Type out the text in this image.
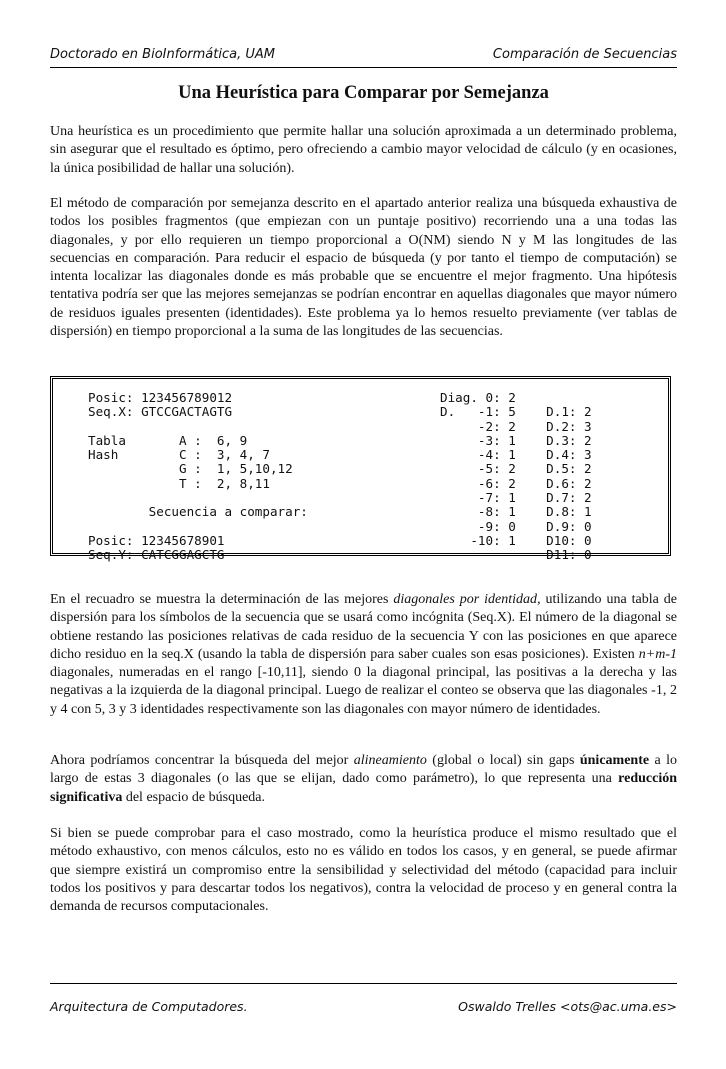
Doctorado en BioInformática, UAM	Comparación de Secuencias
Una Heurística para Comparar por Semejanza

Una heurística es un procedimiento que permite hallar una solución aproximada a un determinado problema, sin asegurar que el resultado es óptimo, pero ofreciendo a cambio mayor velocidad de cálculo (y en ocasiones, la única posibilidad de hallar una solución).

El método de comparación por semejanza descrito en el apartado anterior realiza una búsqueda exhaustiva de todos los posibles fragmentos (que empiezan con un puntaje positivo) recorriendo una a una todas las diagonales, y por ello requieren un tiempo proporcional a O(NM) siendo N y M las longitudes de las secuencias en comparación. Para reducir el espacio de búsqueda (y por tanto el tiempo de computación) se intenta localizar las diagonales donde es más probable que se encuentre el mejor fragmento. Una hipótesis tentativa podría ser que las mejores semejanzas se podrían encontrar en aquellas diagonales que mayor número de residuos iguales presenten (identidades). Este problema ya lo hemos resuelto previamente (ver tablas de dispersión) en tiempo proporcional a la suma de las longitudes de las secuencias.

Posic: 123456789012
Seq.X: GTCCGACTAGTG
Tabla       A :  6, 9
Hash        C :  3, 4, 7
G :  1, 5,10,12
T :  2, 8,11
Secuencia a comparar:
Posic: 12345678901
Seq.Y: CATCGGAGCTG
Diag. 0: 2
D.   -1: 5    D.1: 2
-2: 2    D.2: 3
-3: 1    D.3: 2
-4: 1    D.4: 3
-5: 2    D.5: 2
-6: 2    D.6: 2
-7: 1    D.7: 2
-8: 1    D.8: 1
-9: 0    D.9: 0
-10: 1    D10: 0
D11: 0

En el recuadro se muestra la determinación de las mejores diagonales por identidad, utilizando una tabla de dispersión para los símbolos de la secuencia que se usará como incógnita (Seq.X). El número de la diagonal se obtiene restando las posiciones relativas de cada residuo de la secuencia Y con las posiciones en que aparece dicho residuo en la seq.X (usando la tabla de dispersión para saber cuales son esas posiciones). Existen n+m-1 diagonales, numeradas en el rango [-10,11], siendo 0 la diagonal principal, las positivas a la derecha y las negativas a la izquierda de la diagonal principal. Luego de realizar el conteo se observa que las diagonales -1, 2 y 4 con 5, 3 y 3 identidades respectivamente son las diagonales con mayor número de identidades.

Ahora podríamos concentrar la búsqueda del mejor alineamiento (global o local) sin gaps únicamente a lo largo de estas 3 diagonales (o las que se elijan, dado como parámetro), lo que representa una reducción significativa del espacio de búsqueda.

Si bien se puede comprobar para el caso mostrado, como la heurística produce el mismo resultado que el método exhaustivo, con menos cálculos, esto no es válido en todos los casos, y en general, se puede afirmar que siempre existirá un compromiso entre la sensibilidad y selectividad del método (capacidad para incluir todos los positivos y para descartar todos los negativos), contra la velocidad de proceso y en general contra la demanda de recursos computacionales.

Arquitectura de Computadores.	Oswaldo Trelles <ots@ac.uma.es>
